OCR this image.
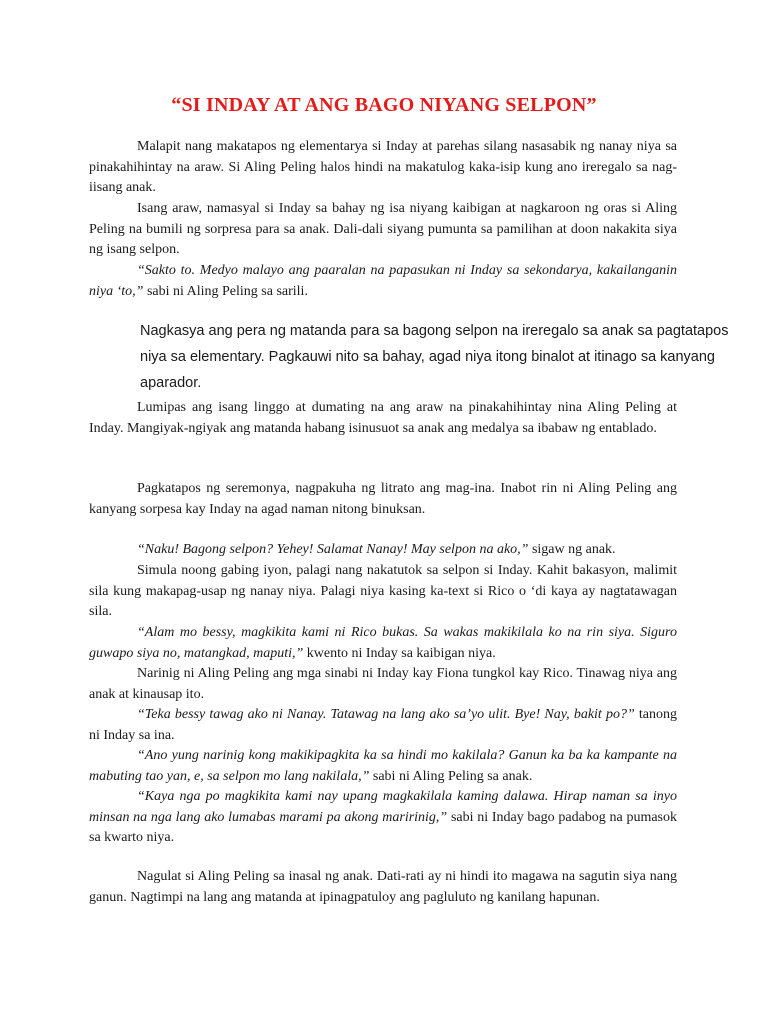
“SI INDAY AT ANG BAGO NIYANG SELPON”

Malapit nang makatapos ng elementarya si Inday at parehas silang nasasabik ng nanay niya sa pinakahihintay na araw. Si Aling Peling halos hindi na makatulog kaka-isip kung ano ireregalo sa nag-iisang anak.

Isang araw, namasyal si Inday sa bahay ng isa niyang kaibigan at nagkaroon ng oras si Aling Peling na bumili ng sorpresa para sa anak. Dali-dali siyang pumunta sa pamilihan at doon nakakita siya ng isang selpon.

“Sakto to. Medyo malayo ang paaralan na papasukan ni Inday sa sekondarya, kakailanganin niya ‘to,” sabi ni Aling Peling sa sarili.

Nagkasya ang pera ng matanda para sa bagong selpon na ireregalo sa anak sa pagtatapos niya sa elementary. Pagkauwi nito sa bahay, agad niya itong binalot at itinago sa kanyang aparador.

Lumipas ang isang linggo at dumating na ang araw na pinakahihintay nina Aling Peling at Inday. Mangiyak-ngiyak ang matanda habang isinusuot sa anak ang medalya sa ibabaw ng entablado.

Pagkatapos ng seremonya, nagpakuha ng litrato ang mag-ina. Inabot rin ni Aling Peling ang kanyang sorpesa kay Inday na agad naman nitong binuksan.

“Naku! Bagong selpon? Yehey! Salamat Nanay! May selpon na ako,” sigaw ng anak.

Simula noong gabing iyon, palagi nang nakatutok sa selpon si Inday. Kahit bakasyon, malimit sila kung makapag-usap ng nanay niya. Palagi niya kasing ka-text si Rico o ‘di kaya ay nagtatawagan sila.

“Alam mo bessy, magkikita kami ni Rico bukas. Sa wakas makikilala ko na rin siya. Siguro guwapo siya no, matangkad, maputi,” kwento ni Inday sa kaibigan niya.

Narinig ni Aling Peling ang mga sinabi ni Inday kay Fiona tungkol kay Rico. Tinawag niya ang anak at kinausap ito.

“Teka bessy tawag ako ni Nanay. Tatawag na lang ako sa’yo ulit. Bye! Nay, bakit po?” tanong ni Inday sa ina.

“Ano yung narinig kong makikipagkita ka sa hindi mo kakilala? Ganun ka ba ka kampante na mabuting tao yan, e, sa selpon mo lang nakilala,” sabi ni Aling Peling sa anak.

“Kaya nga po magkikita kami nay upang magkakilala kaming dalawa. Hirap naman sa inyo minsan na nga lang ako lumabas marami pa akong maririnig,” sabi ni Inday bago padabog na pumasok sa kwarto niya.

Nagulat si Aling Peling sa inasal ng anak. Dati-rati ay ni hindi ito magawa na sagutin siya nang ganun. Nagtimpi na lang ang matanda at ipinagpatuloy ang pagluluto ng kanilang hapunan.
